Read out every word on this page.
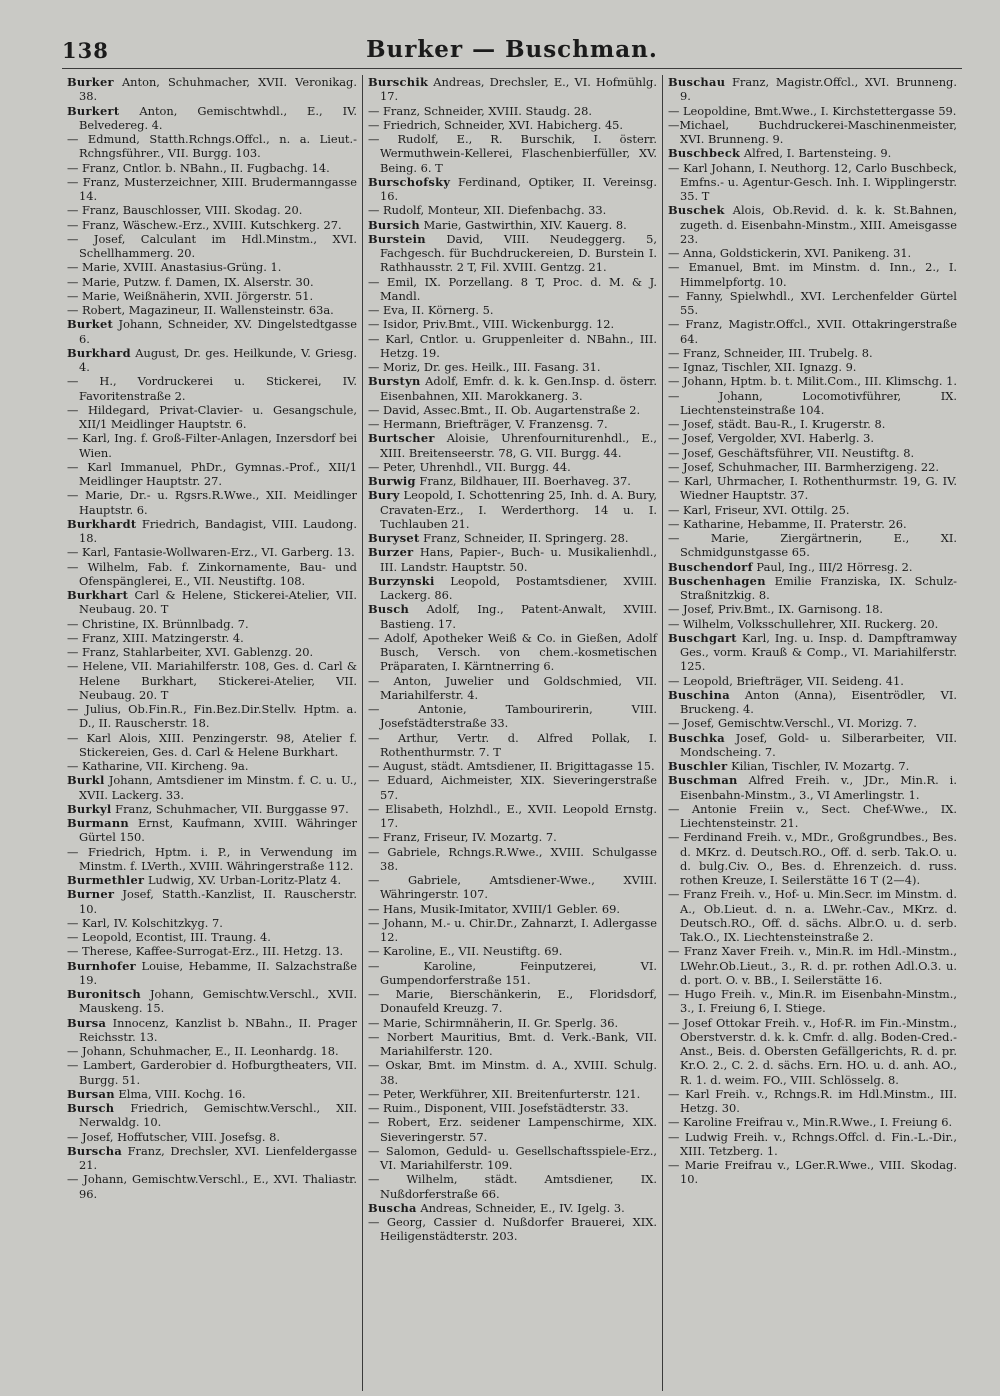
138	Burker — Buschman.

Burker Anton, Schuhmacher, XVII. Veronikag. 38.

Burkert Anton, Gemischtwhdl., E., IV. Belvedereg. 4.

— Edmund, Statth.Rchngs.Offcl., n. a. Lieut.-Rchngsführer., VII. Burgg. 103.

— Franz, Cntlor. b. NBahn., II. Fugbachg. 14.

— Franz, Musterzeichner, XIII. Brudermanngasse 14.

— Franz, Bauschlosser, VIII. Skodag. 20.

— Franz, Wäschew.-Erz., XVIII. Kutschkerg. 27.

— Josef, Calculant im Hdl.Minstm., XVI. Schellhammerg. 20.

— Marie, XVIII. Anastasius-Grüng. 1.

— Marie, Putzw. f. Damen, IX. Alserstr. 30.

— Marie, Weißnäherin, XVII. Jörgerstr. 51.

— Robert, Magazineur, II. Wallensteinstr. 63a.

Burket Johann, Schneider, XV. Dingelstedtgasse 6.

Burkhard August, Dr. ges. Heilkunde, V. Griesg. 4.

— H., Vordruckerei u. Stickerei, IV. Favoritenstraße 2.

— Hildegard, Privat-Clavier- u. Gesangschule, XII/1 Meidlinger Hauptstr. 6.

— Karl, Ing. f. Groß-Filter-Anlagen, Inzersdorf bei Wien.

— Karl Immanuel, PhDr., Gymnas.-Prof., XII/1 Meidlinger Hauptstr. 27.

— Marie, Dr.- u. Rgsrs.R.Wwe., XII. Meidlinger Hauptstr. 6.

Burkhardt Friedrich, Bandagist, VIII. Laudong. 18.

— Karl, Fantasie-Wollwaren-Erz., VI. Garberg. 13.

— Wilhelm, Fab. f. Zinkornamente, Bau- und Ofenspänglerei, E., VII. Neustiftg. 108.

Burkhart Carl & Helene, Stickerei-Atelier, VII. Neubaug. 20. T

— Christine, IX. Brünnlbadg. 7.

— Franz, XIII. Matzingerstr. 4.

— Franz, Stahlarbeiter, XVI. Gablenzg. 20.

— Helene, VII. Mariahilferstr. 108, Ges. d. Carl & Helene Burkhart, Stickerei-Atelier, VII. Neubaug. 20. T

— Julius, Ob.Fin.R., Fin.Bez.Dir.Stellv. Hptm. a. D., II. Rauscherstr. 18.

— Karl Alois, XIII. Penzingerstr. 98, Atelier f. Stickereien, Ges. d. Carl & Helene Burkhart.

— Katharine, VII. Kircheng. 9a.

Burkl Johann, Amtsdiener im Minstm. f. C. u. U., XVII. Lackerg. 33.

Burkyl Franz, Schuhmacher, VII. Burggasse 97.

Burmann Ernst, Kaufmann, XVIII. Währinger Gürtel 150.

— Friedrich, Hptm. i. P., in Verwendung im Minstm. f. LVerth., XVIII. Währingerstraße 112.

Burmethler Ludwig, XV. Urban-Loritz-Platz 4.

Burner Josef, Statth.-Kanzlist, II. Rauscherstr. 10.

— Karl, IV. Kolschitzkyg. 7.

— Leopold, Econtist, III. Traung. 4.

— Therese, Kaffee-Surrogat-Erz., III. Hetzg. 13.

Burnhofer Louise, Hebamme, II. Salzachstraße 19.

Buronitsch Johann, Gemischtw.Verschl., XVII. Mauskeng. 15.

Bursa Innocenz, Kanzlist b. NBahn., II. Prager Reichsstr. 13.

— Johann, Schuhmacher, E., II. Leonhardg. 18.

— Lambert, Garderobier d. Hofburgtheaters, VII. Burgg. 51.

Bursan Elma, VIII. Kochg. 16.

Bursch Friedrich, Gemischtw.Verschl., XII. Nerwaldg. 10.

— Josef, Hoffutscher, VIII. Josefsg. 8.

Burscha Franz, Drechsler, XVI. Lienfeldergasse 21.

— Johann, Gemischtw.Verschl., E., XVI. Thaliastr. 96.

Burschik Andreas, Drechsler, E., VI. Hofmühlg. 17.

— Franz, Schneider, XVIII. Staudg. 28.

— Friedrich, Schneider, XVI. Habicherg. 45.

— Rudolf, E., R. Burschik, I. österr. Wermuthwein-Kellerei, Flaschenbierfüller, XV. Being. 6. T

Burschofsky Ferdinand, Optiker, II. Vereinsg. 16.

— Rudolf, Monteur, XII. Diefenbachg. 33.

Bursich Marie, Gastwirthin, XIV. Kauerg. 8.

Burstein David, VIII. Neudeggerg. 5, Fachgesch. für Buchdruckereien, D. Burstein I. Rathhausstr. 2 T, Fil. XVIII. Gentzg. 21.

— Emil, IX. Porzellang. 8 T, Proc. d. M. & J. Mandl.

— Eva, II. Körnerg. 5.

— Isidor, Priv.Bmt., VIII. Wickenburgg. 12.

— Karl, Cntlor. u. Gruppenleiter d. NBahn., III. Hetzg. 19.

— Moriz, Dr. ges. Heilk., III. Fasang. 31.

Burstyn Adolf, Emfr. d. k. k. Gen.Insp. d. österr. Eisenbahnen, XII. Marokkanerg. 3.

— David, Assec.Bmt., II. Ob. Augartenstraße 2.

— Hermann, Briefträger, V. Franzensg. 7.

Burtscher Aloisie, Uhrenfourniturenhdl., E., XIII. Breitenseerstr. 78, G. VII. Burgg. 44.

— Peter, Uhrenhdl., VII. Burgg. 44.

Burwig Franz, Bildhauer, III. Boerhaveg. 37.

Bury Leopold, I. Schottenring 25, Inh. d. A. Bury, Cravaten-Erz., I. Werderthorg. 14 u. I. Tuchlauben 21.

Buryset Franz, Schneider, II. Springerg. 28.

Burzer Hans, Papier-, Buch- u. Musikalienhdl., III. Landstr. Hauptstr. 50.

Burzynski Leopold, Postamtsdiener, XVIII. Lackerg. 86.

Busch Adolf, Ing., Patent-Anwalt, XVIII. Bastieng. 17.

— Adolf, Apotheker Weiß & Co. in Gießen, Adolf Busch, Versch. von chem.-kosmetischen Präparaten, I. Kärntnerring 6.

— Anton, Juwelier und Goldschmied, VII. Mariahilferstr. 4.

— Antonie, Tambourirerin, VIII. Josefstädterstraße 33.

— Arthur, Vertr. d. Alfred Pollak, I. Rothenthurmstr. 7. T

— August, städt. Amtsdiener, II. Brigittagasse 15.

— Eduard, Aichmeister, XIX. Sieveringerstraße 57.

— Elisabeth, Holzhdl., E., XVII. Leopold Ernstg. 17.

— Franz, Friseur, IV. Mozartg. 7.

— Gabriele, Rchngs.R.Wwe., XVIII. Schulgasse 38.

— Gabriele, Amtsdiener-Wwe., XVIII. Währingerstr. 107.

— Hans, Musik-Imitator, XVIII/1 Gebler. 69.

— Johann, M.- u. Chir.Dr., Zahnarzt, I. Adlergasse 12.

— Karoline, E., VII. Neustiftg. 69.

— Karoline, Feinputzerei, VI. Gumpendorferstraße 151.

— Marie, Bierschänkerin, E., Floridsdorf, Donaufeld Kreuzg. 7.

— Marie, Schirmnäherin, II. Gr. Sperlg. 36.

— Norbert Mauritius, Bmt. d. Verk.-Bank, VII. Mariahilferstr. 120.

— Oskar, Bmt. im Minstm. d. A., XVIII. Schulg. 38.

— Peter, Werkführer, XII. Breitenfurterstr. 121.

— Ruim., Disponent, VIII. Josefstädterstr. 33.

— Robert, Erz. seidener Lampenschirme, XIX. Sieveringerstr. 57.

— Salomon, Geduld- u. Gesellschaftsspiele-Erz., VI. Mariahilferstr. 109.

— Wilhelm, städt. Amtsdiener, IX. Nußdorferstraße 66.

Buscha Andreas, Schneider, E., IV. Igelg. 3.

— Georg, Cassier d. Nußdorfer Brauerei, XIX. Heiligenstädterstr. 203.

Buschau Franz, Magistr.Offcl., XVI. Brunneng. 9.

— Leopoldine, Bmt.Wwe., I. Kirchstettergasse 59.

—Michael, Buchdruckerei-Maschinenmeister, XVI. Brunneng. 9.

Buschbeck Alfred, I. Bartensteing. 9.

— Karl Johann, I. Neuthorg. 12, Carlo Buschbeck, Emfns.- u. Agentur-Gesch. Inh. I. Wipplingerstr. 35. T

Buschek Alois, Ob.Revid. d. k. k. St.Bahnen, zugeth. d. Eisenbahn-Minstm., XIII. Ameisgasse 23.

— Anna, Goldstickerin, XVI. Panikeng. 31.

— Emanuel, Bmt. im Minstm. d. Inn., 2., I. Himmelpfortg. 10.

— Fanny, Spielwhdl., XVI. Lerchenfelder Gürtel 55.

— Franz, Magistr.Offcl., XVII. Ottakringerstraße 64.

— Franz, Schneider, III. Trubelg. 8.

— Ignaz, Tischler, XII. Ignazg. 9.

— Johann, Hptm. b. t. Milit.Com., III. Klimschg. 1.

— Johann, Locomotivführer, IX. Liechtensteinstraße 104.

— Josef, städt. Bau-R., I. Krugerstr. 8.

— Josef, Vergolder, XVI. Haberlg. 3.

— Josef, Geschäftsführer, VII. Neustiftg. 8.

— Josef, Schuhmacher, III. Barmherzigeng. 22.

— Karl, Uhrmacher, I. Rothenthurmstr. 19, G. IV. Wiedner Hauptstr. 37.

— Karl, Friseur, XVI. Ottilg. 25.

— Katharine, Hebamme, II. Praterstr. 26.

— Marie, Ziergärtnerin, E., XI. Schmidgunstgasse 65.

Buschendorf Paul, Ing., III/2 Hörresg. 2.

Buschenhagen Emilie Franziska, IX. Schulz-Straßnitzkig. 8.

— Josef, Priv.Bmt., IX. Garnisong. 18.

— Wilhelm, Volksschullehrer, XII. Ruckerg. 20.

Buschgart Karl, Ing. u. Insp. d. Dampftramway Ges., vorm. Krauß & Comp., VI. Mariahilferstr. 125.

— Leopold, Briefträger, VII. Seideng. 41.

Buschina Anton (Anna), Eisentrödler, VI. Bruckeng. 4.

— Josef, Gemischtw.Verschl., VI. Morizg. 7.

Buschka Josef, Gold- u. Silberarbeiter, VII. Mondscheing. 7.

Buschler Kilian, Tischler, IV. Mozartg. 7.

Buschman Alfred Freih. v., JDr., Min.R. i. Eisenbahn-Minstm., 3., VI Amerlingstr. 1.

— Antonie Freiin v., Sect. Chef-Wwe., IX. Liechtensteinstr. 21.

— Ferdinand Freih. v., MDr., Großgrundbes., Bes. d. MKrz. d. Deutsch.RO., Off. d. serb. Tak.O. u. d. bulg.Civ. O., Bes. d. Ehrenzeich. d. russ. rothen Kreuze, I. Seilerstätte 16 T (2—4).

— Franz Freih. v., Hof- u. Min.Secr. im Minstm. d. A., Ob.Lieut. d. n. a. LWehr.-Cav., MKrz. d. Deutsch.RO., Off. d. sächs. Albr.O. u. d. serb. Tak.O., IX. Liechtensteinstraße 2.

— Franz Xaver Freih. v., Min.R. im Hdl.-Minstm., LWehr.Ob.Lieut., 3., R. d. pr. rothen Adl.O.3. u. d. port. O. v. BB., I. Seilerstätte 16.

— Hugo Freih. v., Min.R. im Eisenbahn-Minstm., 3., I. Freiung 6, I. Stiege.

— Josef Ottokar Freih. v., Hof-R. im Fin.-Minstm., Oberstverstr. d. k. k. Cmfr. d. allg. Boden-Cred.-Anst., Beis. d. Obersten Gefällgerichts, R. d. pr. Kr.O. 2., C. 2. d. sächs. Ern. HO. u. d. anh. AO., R. 1. d. weim. FO., VIII. Schlösselg. 8.

— Karl Freih. v., Rchngs.R. im Hdl.Minstm., III. Hetzg. 30.

— Karoline Freifrau v., Min.R.Wwe., I. Freiung 6.

— Ludwig Freih. v., Rchngs.Offcl. d. Fin.-L.-Dir., XIII. Tetzberg. 1.

— Marie Freifrau v., LGer.R.Wwe., VIII. Skodag. 10.
